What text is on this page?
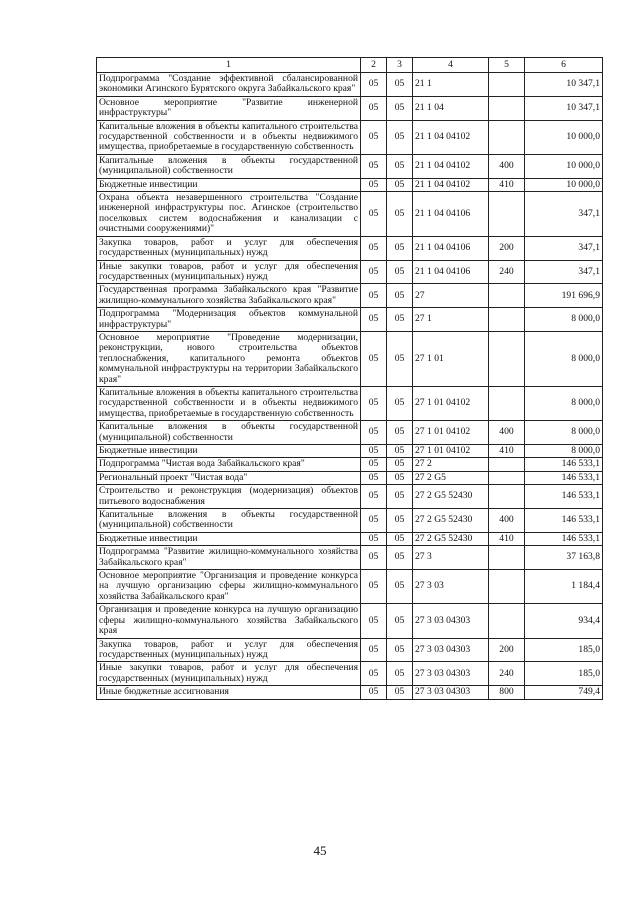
1	2	3	4	5	6
Подпрограмма "Создание эффективной сбалансированной экономики Агинского Бурятского округа Забайкальского края"	05	05	21 1		10 347,1
Основное мероприятие "Развитие инженерной инфраструктуры"	05	05	21 1 04		10 347,1
Капитальные вложения в объекты капитального строительства государственной собственности и в объекты недвижимого имущества, приобретаемые в государственную собственность	05	05	21 1 04 04102		10 000,0
Капитальные вложения в объекты государственной (муниципальной) собственности	05	05	21 1 04 04102	400	10 000,0
Бюджетные инвестиции	05	05	21 1 04 04102	410	10 000,0
Охрана объекта незавершенного строительства "Создание инженерной инфраструктуры пос. Агинское (строительство поселковых систем водоснабжения и канализации с очистными сооружениями)"	05	05	21 1 04 04106		347,1
Закупка товаров, работ и услуг для обеспечения государственных (муниципальных) нужд	05	05	21 1 04 04106	200	347,1
Иные закупки товаров, работ и услуг для обеспечения государственных (муниципальных) нужд	05	05	21 1 04 04106	240	347,1
Государственная программа Забайкальского края "Развитие жилищно-коммунального хозяйства Забайкальского края"	05	05	27		191 696,9
Подпрограмма "Модернизация объектов коммунальной инфраструктуры"	05	05	27 1		8 000,0
Основное мероприятие "Проведение модернизации, реконструкции, нового строительства объектов теплоснабжения, капитального ремонта объектов коммунальной инфраструктуры на территории Забайкальского края"	05	05	27 1 01		8 000,0
Капитальные вложения в объекты капитального строительства государственной собственности и в объекты недвижимого имущества, приобретаемые в государственную собственность	05	05	27 1 01 04102		8 000,0
Капитальные вложения в объекты государственной (муниципальной) собственности	05	05	27 1 01 04102	400	8 000,0
Бюджетные инвестиции	05	05	27 1 01 04102	410	8 000,0
Подпрограмма "Чистая вода Забайкальского края"	05	05	27 2		146 533,1
Региональный проект "Чистая вода"	05	05	27 2 G5		146 533,1
Строительство и реконструкция (модернизация) объектов питьевого водоснабжения	05	05	27 2 G5 52430		146 533,1
Капитальные вложения в объекты государственной (муниципальной) собственности	05	05	27 2 G5 52430	400	146 533,1
Бюджетные инвестиции	05	05	27 2 G5 52430	410	146 533,1
Подпрограмма "Развитие жилищно-коммунального хозяйства Забайкальского края"	05	05	27 3		37 163,8
Основное мероприятие "Организация и проведение конкурса на лучшую организацию сферы жилищно-коммунального хозяйства Забайкальского края"	05	05	27 3 03		1 184,4
Организация и проведение конкурса на лучшую организацию сферы жилищно-коммунального хозяйства Забайкальского края	05	05	27 3 03 04303		934,4
Закупка товаров, работ и услуг для обеспечения государственных (муниципальных) нужд	05	05	27 3 03 04303	200	185,0
Иные закупки товаров, работ и услуг для обеспечения государственных (муниципальных) нужд	05	05	27 3 03 04303	240	185,0
Иные бюджетные ассигнования	05	05	27 3 03 04303	800	749,4
45
